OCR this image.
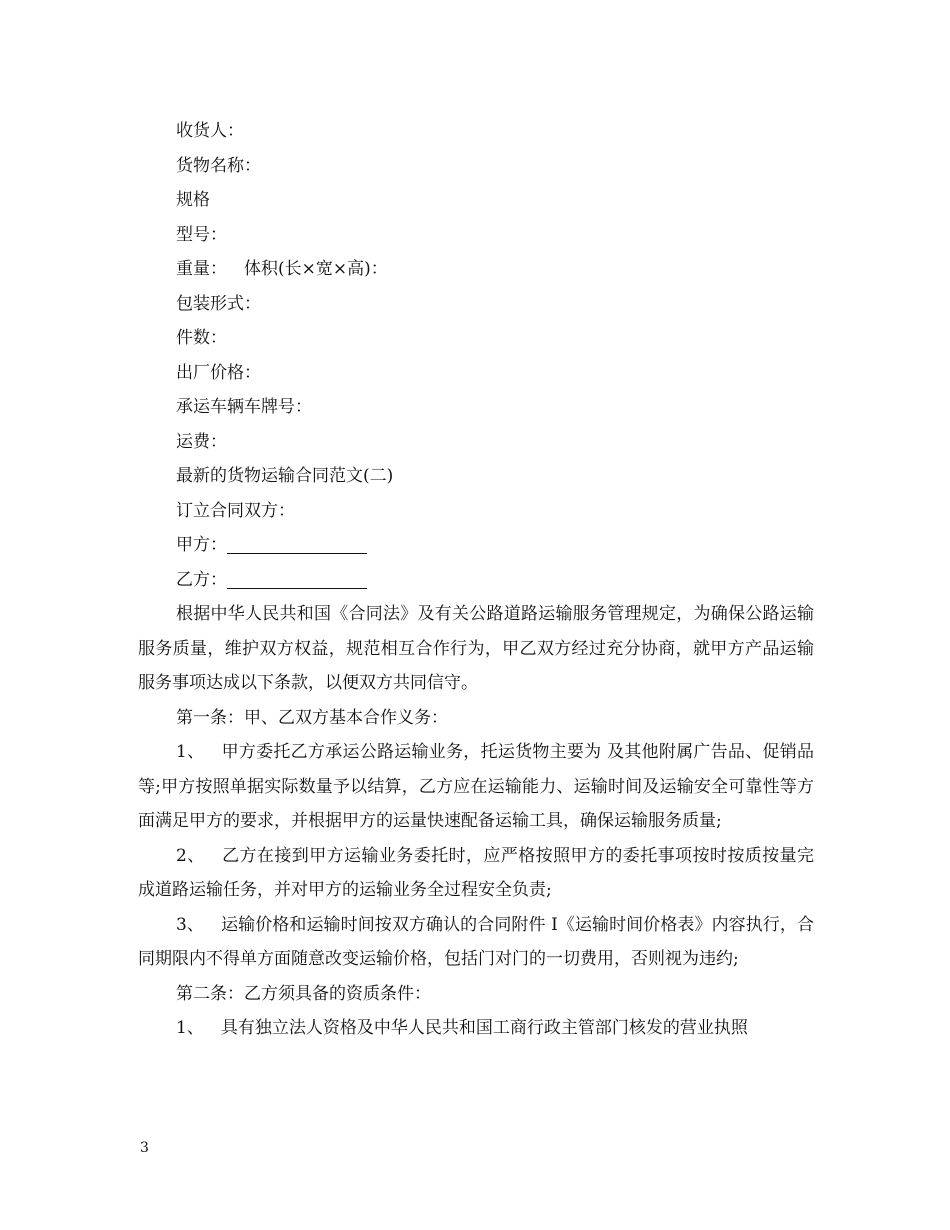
收货人：
货物名称：
规格
型号：
重量： 体积(长×宽×高)：
包装形式：
件数：
出厂价格：
承运车辆车牌号：
运费：
最新的货物运输合同范文(二)
订立合同双方：
甲方：
乙方：
根据中华人民共和国《合同法》及有关公路道路运输服务管理规定，为确保公路运输服务质量，维护双方权益，规范相互合作行为，甲乙双方经过充分协商，就甲方产品运输服务事项达成以下条款，以便双方共同信守。
第一条：甲、乙双方基本合作义务：
1、 甲方委托乙方承运公路运输业务，托运货物主要为 及其他附属广告品、促销品等;甲方按照单据实际数量予以结算，乙方应在运输能力、运输时间及运输安全可靠性等方面满足甲方的要求，并根据甲方的运量快速配备运输工具，确保运输服务质量;
2、 乙方在接到甲方运输业务委托时，应严格按照甲方的委托事项按时按质按量完成道路运输任务，并对甲方的运输业务全过程安全负责;
3、 运输价格和运输时间按双方确认的合同附件 I《运输时间价格表》内容执行，合同期限内不得单方面随意改变运输价格，包括门对门的一切费用，否则视为违约;
第二条：乙方须具备的资质条件：
1、 具有独立法人资格及中华人民共和国工商行政主管部门核发的营业执照
3
